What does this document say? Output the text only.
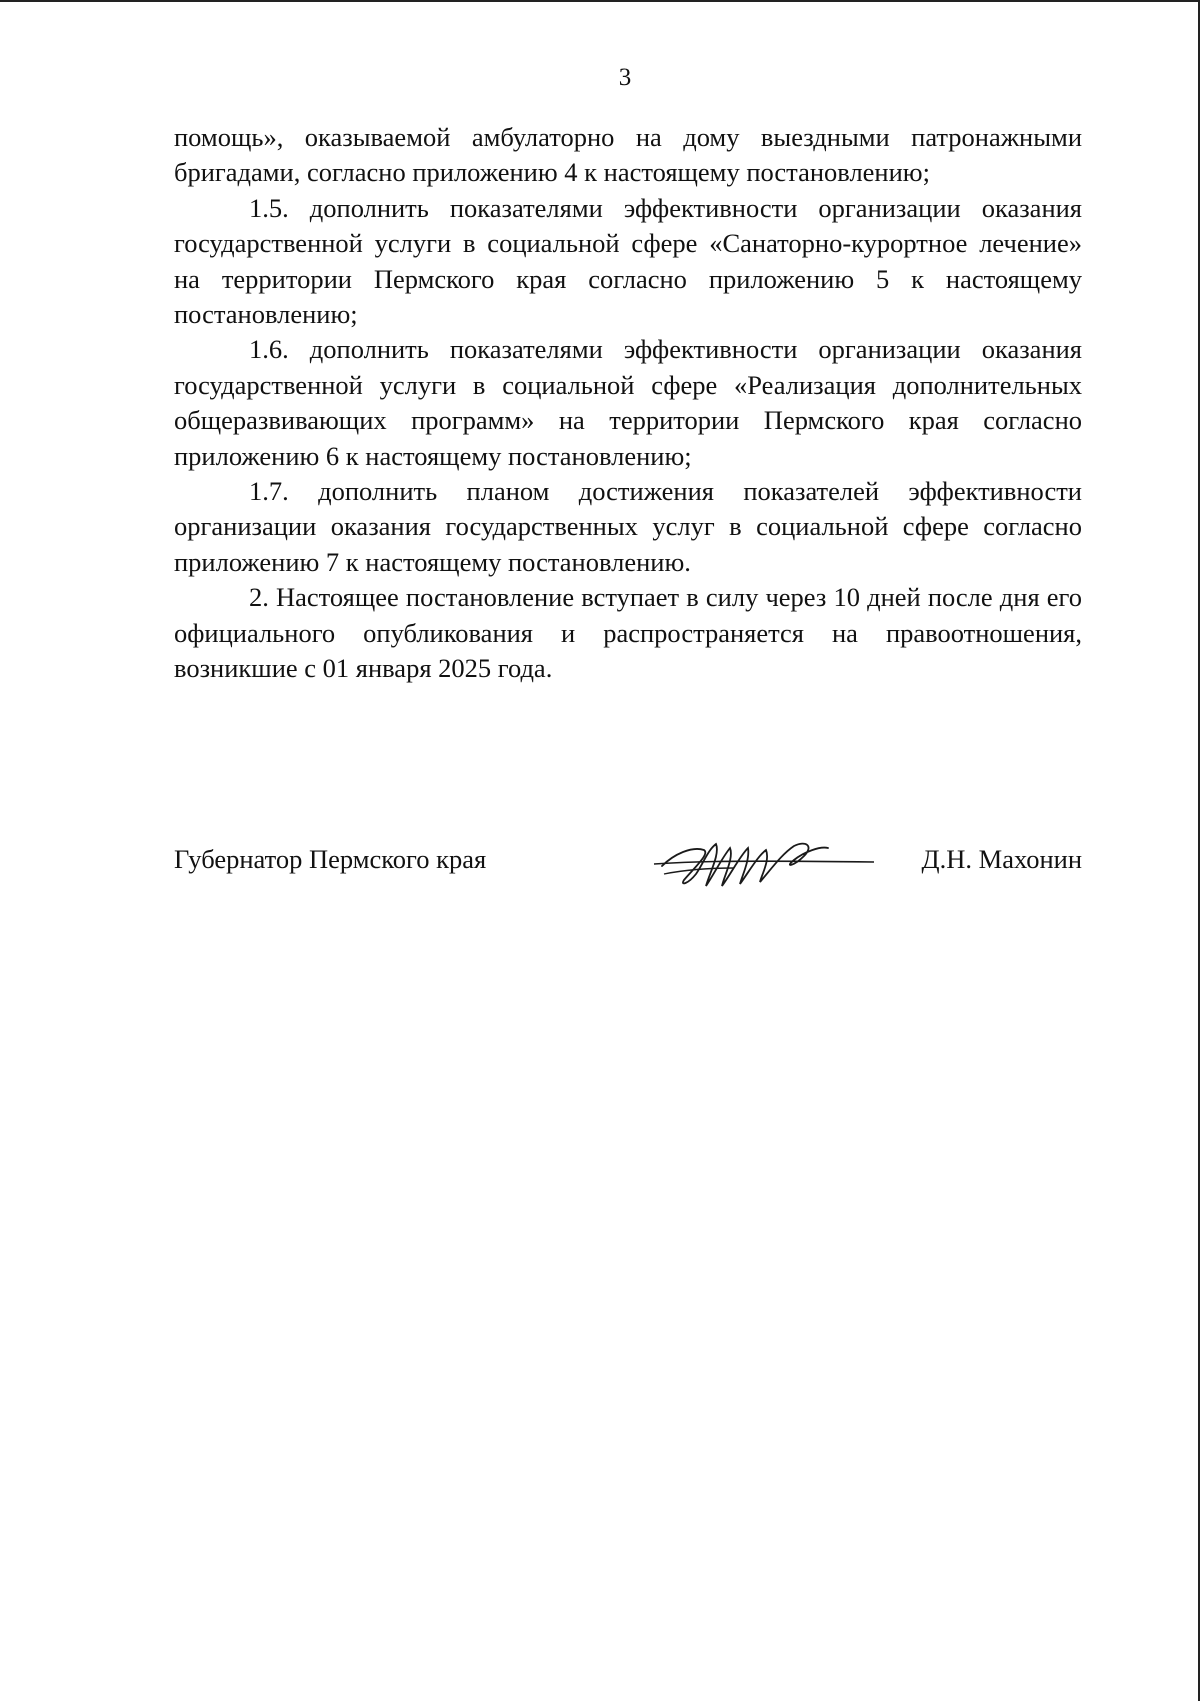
3

помощь», оказываемой амбулаторно на дому выездными патронажными бригадами, согласно приложению 4 к настоящему постановлению;

1.5. дополнить показателями эффективности организации оказания государственной услуги в социальной сфере «Санаторно-курортное лечение» на территории Пермского края согласно приложению 5 к настоящему постановлению;

1.6. дополнить показателями эффективности организации оказания государственной услуги в социальной сфере «Реализация дополнительных общеразвивающих программ» на территории Пермского края согласно приложению 6 к настоящему постановлению;

1.7. дополнить планом достижения показателей эффективности организации оказания государственных услуг в социальной сфере согласно приложению 7 к настоящему постановлению.

2. Настоящее постановление вступает в силу через 10 дней после дня его официального опубликования и распространяется на правоотношения, возникшие с 01 января 2025 года.

Губернатор Пермского края	Д.Н. Махонин
